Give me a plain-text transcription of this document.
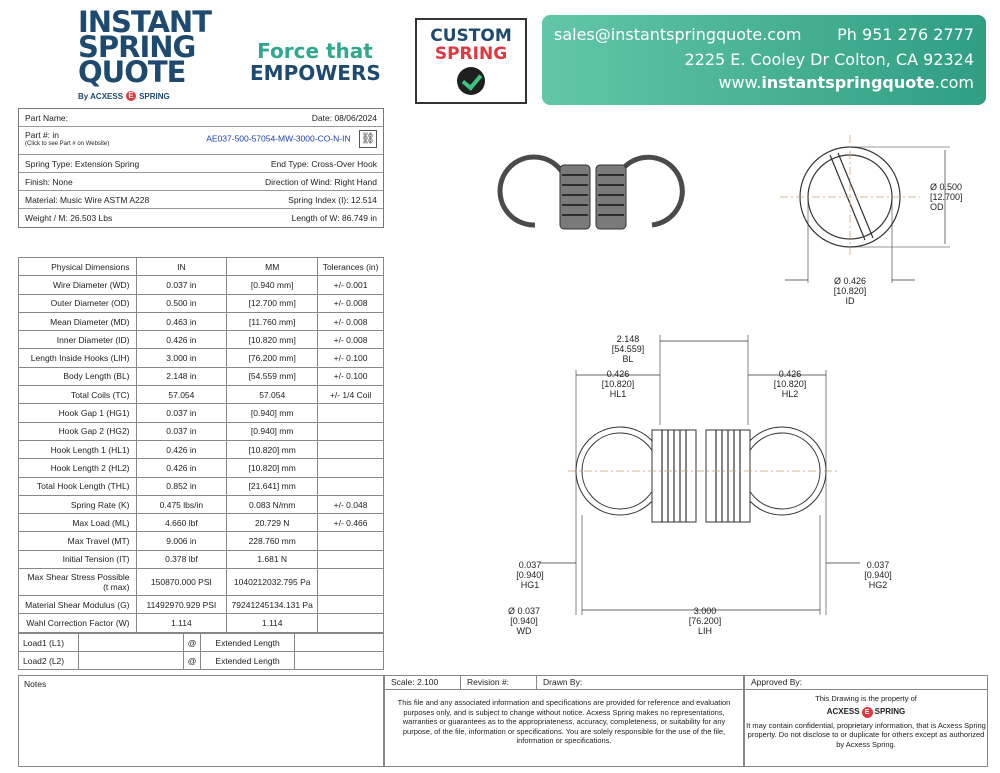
INSTANT
SPRING
QUOTE
By ACXESS E SPRING
Force that
EMPOWERS
CUSTOM
SPRING
sales@instantspringquote.com Ph 951 276 2777
2225 E. Cooley Dr Colton, CA 92324
www.instantspringquote.com
Part Name:	Date: 08/06/2024
Part #: in
(Click to see Part # on Website)
AE037-500-57054-MW-3000-CO-N-IN ⛓
Spring Type: Extension Spring	End Type: Cross-Over Hook
Finish: None	Direction of Wind: Right Hand
Material: Music Wire ASTM A228	Spring Index (I): 12.514
Weight / M: 26.503 Lbs	Length of W: 86.749 in
Physical Dimensions	IN	MM	Tolerances (in)
Wire Diameter (WD)	0.037 in	[0.940 mm]	+/- 0.001
Outer Diameter (OD)	0.500 in	[12.700 mm]	+/- 0.008
Mean Diameter (MD)	0.463 in	[11.760 mm]	+/- 0.008
Inner Diameter (ID)	0.426 in	[10.820 mm]	+/- 0.008
Length Inside Hooks (LIH)	3.000 in	[76.200 mm]	+/- 0.100
Body Length (BL)	2.148 in	[54.559 mm]	+/- 0.100
Total Coils (TC)	57.054	57.054	+/- 1/4 Coil
Hook Gap 1 (HG1)	0.037 in	[0.940] mm	
Hook Gap 2 (HG2)	0.037 in	[0.940] mm	
Hook Length 1 (HL1)	0.426 in	[10.820] mm	
Hook Length 2 (HL2)	0.426 in	[10.820] mm	
Total Hook Length (THL)	0.852 in	[21.641] mm	
Spring Rate (K)	0.475 lbs/in	0.083 N/mm	+/- 0.048
Max Load (ML)	4.660 lbf	20.729 N	+/- 0.466
Max Travel (MT)	9.006 in	228.760 mm	
Initial Tension (IT)	0.378 lbf	1.681 N	
Max Shear Stress Possible (t max)	150870.000 PSI	1040212032.795 Pa	
Material Shear Modulus (G)	11492970.929 PSI	79241245134.131 Pa	
Wahl Correction Factor (W)	1.114	1.114	
Load1 (L1)		@	Extended Length	
Load2 (L2)		@	Extended Length	
Notes	Scale: 2.100	Revision #:	Drawn By:
This file and any associated information and specifications are provided for reference and evaluation purposes only, and is subject to change without notice. Acxess Spring makes no representations, warranties or guarantees as to the appropriateness, accuracy, completeness, or suitability for any purpose, of the file, information or specifications. You are solely responsible for the use of the file, information or specifications.
Approved By:
This Drawing is the property of
ACXESS E SPRING
It may contain confidential, proprietary information, that is Acxess Spring property. Do not disclose to or duplicate for others except as authorized by Acxess Spring.
Ø 0.500
[12.700]
OD
Ø 0.426
[10.820]
ID
2.148
[54.559]
BL
0.426
[10.820]
HL1
0.426
[10.820]
HL2
0.037
[0.940]
HG1
0.037
[0.940]
HG2
Ø 0.037
[0.940]
WD
3.000
[76.200]
LIH
